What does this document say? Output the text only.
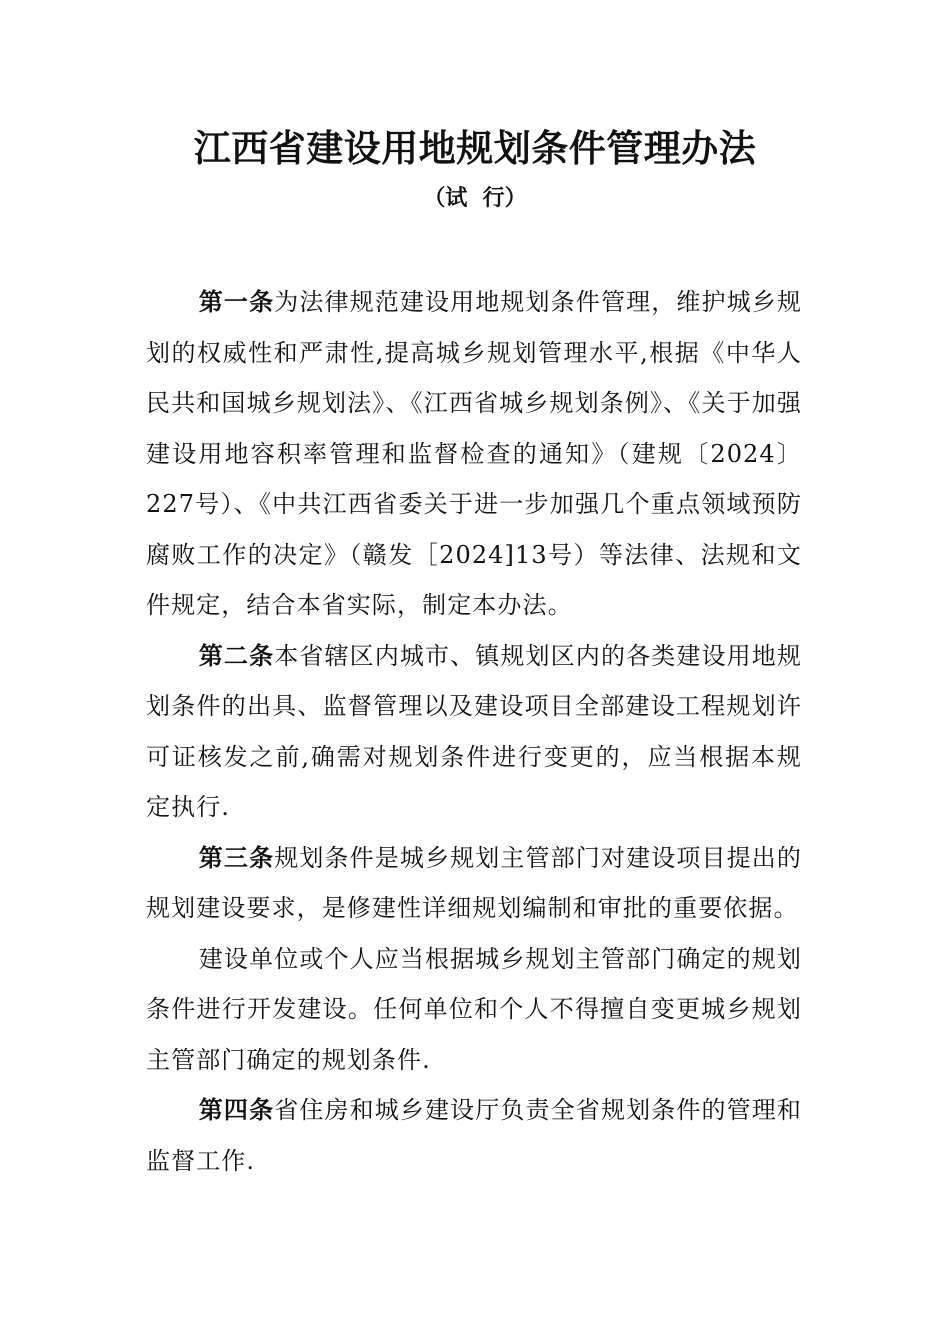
江西省建设用地规划条件管理办法
（试  行）

第一条为法律规范建设用地规划条件管理，维护城乡规划的权威性和严肃性,提高城乡规划管理水平,根据《中华人民共和国城乡规划法》、《江西省城乡规划条例》、《关于加强建设用地容积率管理和监督检查的通知》（建规〔2024〕227号）、《中共江西省委关于进一步加强几个重点领域预防腐败工作的决定》（赣发［2024]13号）等法律、法规和文件规定，结合本省实际，制定本办法。

第二条本省辖区内城市、镇规划区内的各类建设用地规划条件的出具、监督管理以及建设项目全部建设工程规划许可证核发之前,确需对规划条件进行变更的，应当根据本规定执行.

第三条规划条件是城乡规划主管部门对建设项目提出的规划建设要求，是修建性详细规划编制和审批的重要依据。

建设单位或个人应当根据城乡规划主管部门确定的规划条件进行开发建设。任何单位和个人不得擅自变更城乡规划主管部门确定的规划条件.

第四条省住房和城乡建设厅负责全省规划条件的管理和监督工作.
